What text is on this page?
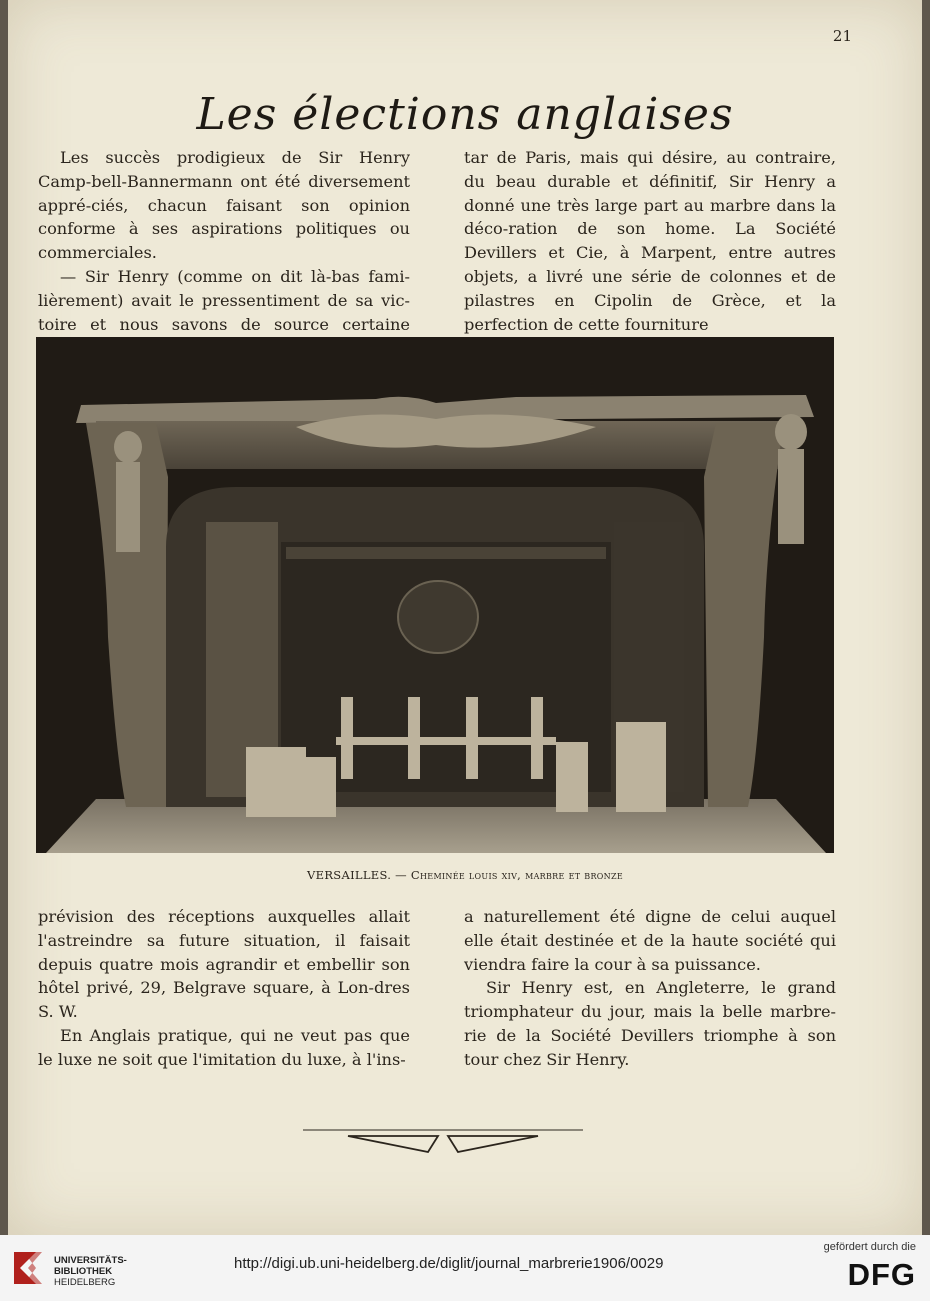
21
Les élections anglaises

Les succès prodigieux de Sir Henry Camp-bell-Bannermann ont été diversement appré-ciés, chacun faisant son opinion conforme à ses aspirations politiques ou commerciales.

— Sir Henry (comme on dit là-bas fami-lièrement) avait le pressentiment de sa vic-toire et nous savons de source certaine

tar de Paris, mais qui désire, au contraire, du beau durable et définitif, Sir Henry a donné une très large part au marbre dans la déco-ration de son home. La Société Devillers et Cie, à Marpent, entre autres objets, a livré une série de colonnes et de pilastres en Cipolin de Grèce, et la perfection de cette fourniture

VERSAILLES. — Cheminée louis xiv, marbre et bronze

prévision des réceptions auxquelles allait l'astreindre sa future situation, il faisait depuis quatre mois agrandir et embellir son hôtel privé, 29, Belgrave square, à Lon-dres S. W.

En Anglais pratique, qui ne veut pas que le luxe ne soit que l'imitation du luxe, à l'ins-

a naturellement été digne de celui auquel elle était destinée et de la haute société qui viendra faire la cour à sa puissance.

Sir Henry est, en Angleterre, le grand triomphateur du jour, mais la belle marbre-rie de la Société Devillers triomphe à son tour chez Sir Henry.

UNIVERSITÄTS-
BIBLIOTHEK
HEIDELBERG
http://digi.ub.uni-heidelberg.de/diglit/journal_marbrerie1906/0029
gefördert durch die
DFG
